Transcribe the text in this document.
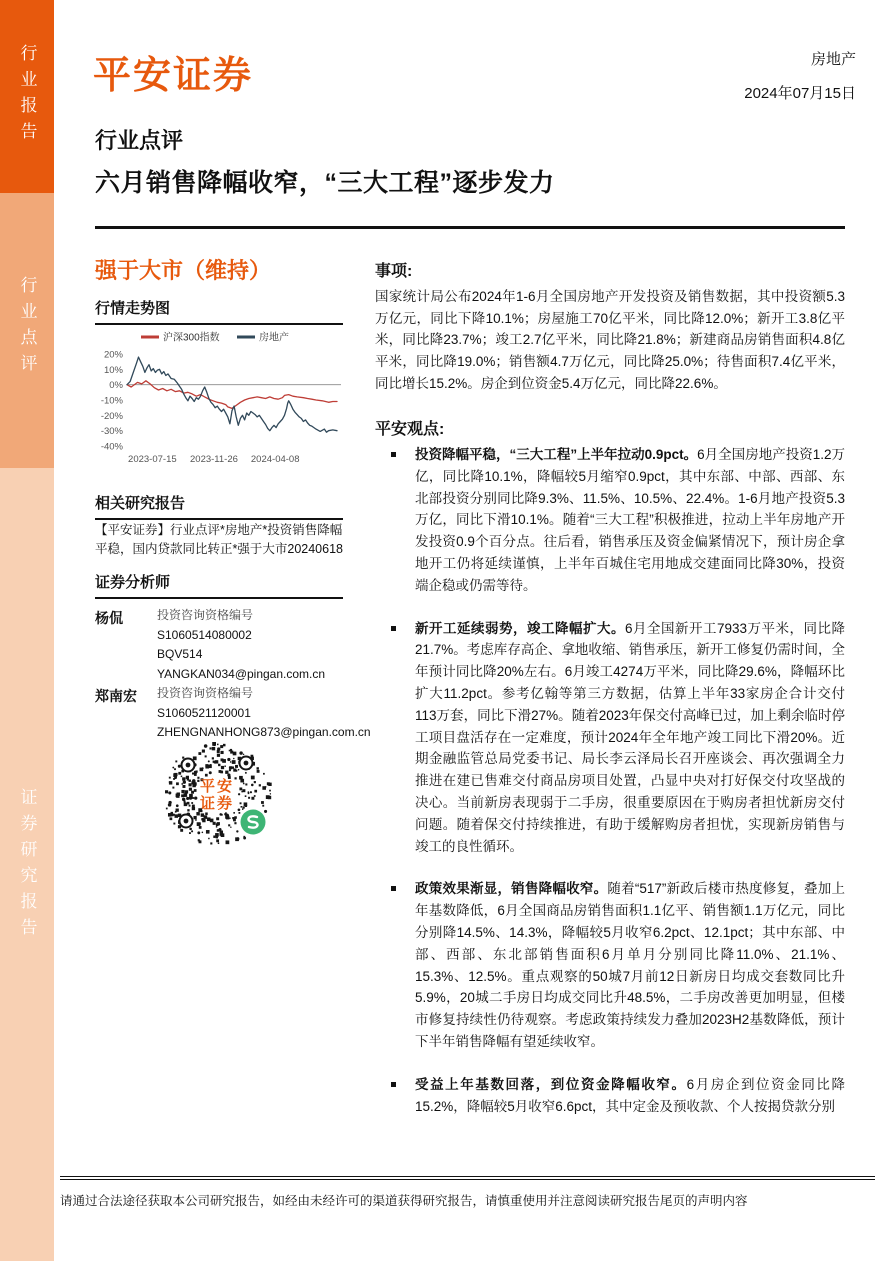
行业报告
行业点评
证券研究报告
平安证券	房地产
2024年07月15日
行业点评
六月销售降幅收窄，“三大工程”逐步发力
强于大市（维持）
行情走势图
沪深300指数	房地产
20%
10%
0%
-10%
-20%
-30%
-40%
2023-07-15 2023-11-26 2024-04-08
相关研究报告
【平安证券】行业点评*房地产*投资销售降幅平稳，国内贷款同比转正*强于大市20240618
证券分析师
杨侃	投资咨询资格编号
S1060514080002
BQV514
YANGKAN034@pingan.com.cn
郑南宏	投资咨询资格编号
S1060521120001
ZHENGNANHONG873@pingan.com.cn
平安
证券
事项:
国家统计局公布2024年1-6月全国房地产开发投资及销售数据，其中投资额5.3万亿元，同比下降10.1%；房屋施工70亿平米，同比降12.0%；新开工3.8亿平米，同比降23.7%；竣工2.7亿平米，同比降21.8%；新建商品房销售面积4.8亿平米，同比降19.0%；销售额4.7万亿元，同比降25.0%；待售面积7.4亿平米，同比增长15.2%。房企到位资金5.4万亿元，同比降22.6%。
平安观点:
投资降幅平稳，“三大工程”上半年拉动0.9pct。6月全国房地产投资1.2万亿，同比降10.1%，降幅较5月缩窄0.9pct，其中东部、中部、西部、东北部投资分别同比降9.3%、11.5%、10.5%、22.4%。1-6月地产投资5.3万亿，同比下滑10.1%。随着“三大工程”积极推进，拉动上半年房地产开发投资0.9个百分点。往后看，销售承压及资金偏紧情况下，预计房企拿地开工仍将延续谨慎，上半年百城住宅用地成交建面同比降30%，投资端企稳或仍需等待。
新开工延续弱势，竣工降幅扩大。6月全国新开工7933万平米，同比降21.7%。考虑库存高企、拿地收缩、销售承压，新开工修复仍需时间，全年预计同比降20%左右。6月竣工4274万平米，同比降29.6%，降幅环比扩大11.2pct。参考亿翰等第三方数据，估算上半年33家房企合计交付113万套，同比下滑27%。随着2023年保交付高峰已过，加上剩余临时停工项目盘活存在一定难度，预计2024年全年地产竣工同比下滑20%。近期金融监管总局党委书记、局长李云泽局长召开座谈会、再次强调全力推进在建已售难交付商品房项目处置，凸显中央对打好保交付攻坚战的决心。当前新房表现弱于二手房，很重要原因在于购房者担忧新房交付问题。随着保交付持续推进，有助于缓解购房者担忧，实现新房销售与竣工的良性循环。
政策效果渐显，销售降幅收窄。随着“517”新政后楼市热度修复，叠加上年基数降低，6月全国商品房销售面积1.1亿平、销售额1.1万亿元，同比分别降14.5%、14.3%，降幅较5月收窄6.2pct、12.1pct；其中东部、中部、西部、东北部销售面积6月单月分别同比降11.0%、21.1%、15.3%、12.5%。重点观察的50城7月前12日新房日均成交套数同比升5.9%，20城二手房日均成交同比升48.5%，二手房改善更加明显，但楼市修复持续性仍待观察。考虑政策持续发力叠加2023H2基数降低，预计下半年销售降幅有望延续收窄。
受益上年基数回落，到位资金降幅收窄。6月房企到位资金同比降15.2%，降幅较5月收窄6.6pct，其中定金及预收款、个人按揭贷款分别
请通过合法途径获取本公司研究报告，如经由未经许可的渠道获得研究报告，请慎重使用并注意阅读研究报告尾页的声明内容
